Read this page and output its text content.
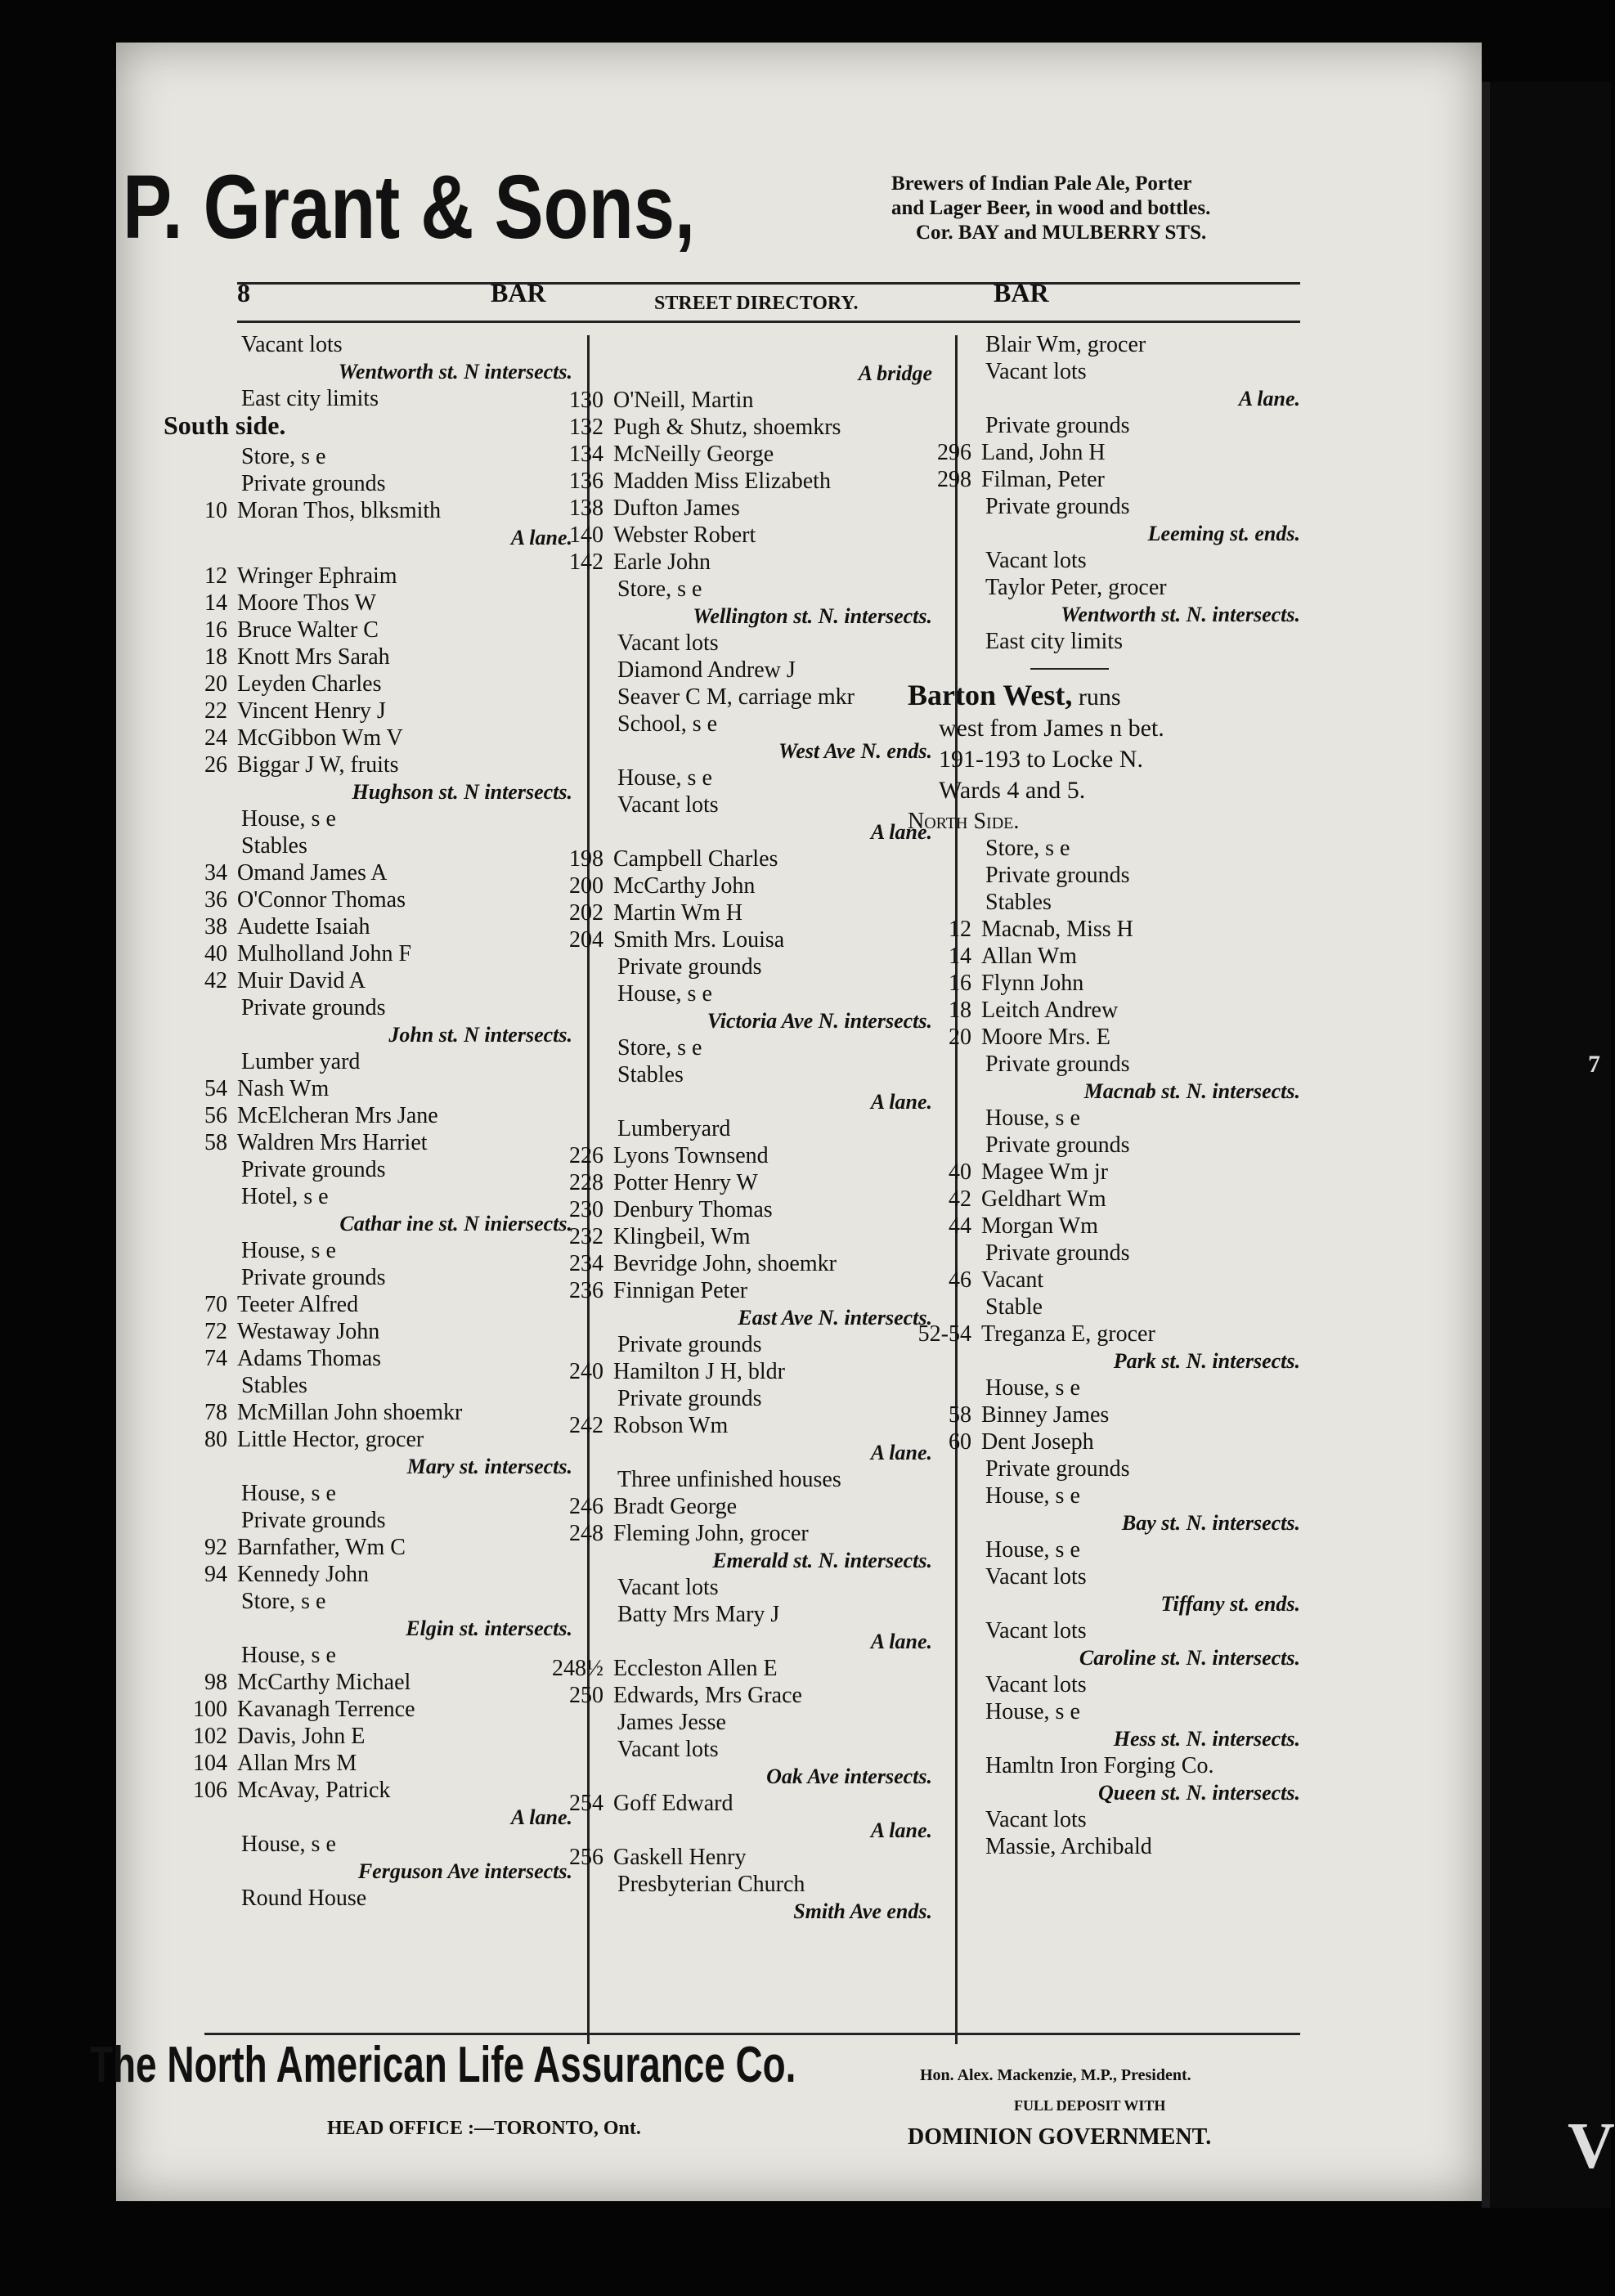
7
V
P. Grant & Sons,	Brewers of Indian Pale Ale, Porter
and Lager Beer, in wood and bottles.
Cor. BAY and MULBERRY STS.
8	BAR	STREET DIRECTORY.	BAR
Vacant lots
Wentworth st. N intersects.
East city limits
South side.
Store, s e
Private grounds
10 Moran Thos, blksmith
A lane.
12 Wringer Ephraim
14 Moore Thos W
16 Bruce Walter C
18 Knott Mrs Sarah
20 Leyden Charles
22 Vincent Henry J
24 McGibbon Wm V
26 Biggar J W, fruits
Hughson st. N intersects.
House, s e
Stables
34 Omand James A
36 O'Connor Thomas
38 Audette Isaiah
40 Mulholland John F
42 Muir David A
Private grounds
John st. N intersects.
Lumber yard
54 Nash Wm
56 McElcheran Mrs Jane
58 Waldren Mrs Harriet
Private grounds
Hotel, s e
Cathar ine st. N iniersects.
House, s e
Private grounds
70 Teeter Alfred
72 Westaway John
74 Adams Thomas
Stables
78 McMillan John shoemkr
80 Little Hector, grocer
Mary st. intersects.
House, s e
Private grounds
92 Barnfather, Wm C
94 Kennedy John
Store, s e
Elgin st. intersects.
House, s e
98 McCarthy Michael
100 Kavanagh Terrence
102 Davis, John E
104 Allan Mrs M
106 McAvay, Patrick
A lane.
House, s e
Ferguson Ave intersects.
Round House
A bridge
130 O'Neill, Martin
132 Pugh & Shutz, shoemkrs
134 McNeilly George
136 Madden Miss Elizabeth
138 Dufton James
140 Webster Robert
142 Earle John
Store, s e
Wellington st. N. intersects.
Vacant lots
Diamond Andrew J
Seaver C M, carriage mkr
School, s e
West Ave N. ends.
House, s e
Vacant lots
A lane.
198 Campbell Charles
200 McCarthy John
202 Martin Wm H
204 Smith Mrs. Louisa
Private grounds
House, s e
Victoria Ave N. intersects.
Store, s e
Stables
A lane.
Lumberyard
226 Lyons Townsend
228 Potter Henry W
230 Denbury Thomas
232 Klingbeil, Wm
234 Bevridge John, shoemkr
236 Finnigan Peter
East Ave N. intersects.
Private grounds
240 Hamilton J H, bldr
Private grounds
242 Robson Wm
A lane.
Three unfinished houses
246 Bradt George
248 Fleming John, grocer
Emerald st. N. intersects.
Vacant lots
Batty Mrs Mary J
A lane.
248½ Eccleston Allen E
250 Edwards, Mrs Grace
James Jesse
Vacant lots
Oak Ave intersects.
254 Goff Edward
A lane.
256 Gaskell Henry
Presbyterian Church
Smith Ave ends.
Blair Wm, grocer
Vacant lots
A lane.
Private grounds
296 Land, John H
298 Filman, Peter
Private grounds
Leeming st. ends.
Vacant lots
Taylor Peter, grocer
Wentworth st. N. intersects.
East city limits
Barton West, runs
west from James n bet.
191-193 to Locke N.
Wards 4 and 5.
North Side.
Store, s e
Private grounds
Stables
12 Macnab, Miss H
14 Allan Wm
16 Flynn John
18 Leitch Andrew
20 Moore Mrs. E
Private grounds
Macnab st. N. intersects.
House, s e
Private grounds
40 Magee Wm jr
42 Geldhart Wm
44 Morgan Wm
Private grounds
46 Vacant
Stable
52-54 Treganza E, grocer
Park st. N. intersects.
House, s e
58 Binney James
60 Dent Joseph
Private grounds
House, s e
Bay st. N. intersects.
House, s e
Vacant lots
Tiffany st. ends.
Vacant lots
Caroline st. N. intersects.
Vacant lots
House, s e
Hess st. N. intersects.
Hamltn Iron Forging Co.
Queen st. N. intersects.
Vacant lots
Massie, Archibald
The North American Life Assurance Co.	Hon. Alex. Mackenzie, M.P., President.
HEAD OFFICE :—TORONTO, Ont.
FULL DEPOSIT WITH
DOMINION GOVERNMENT.
